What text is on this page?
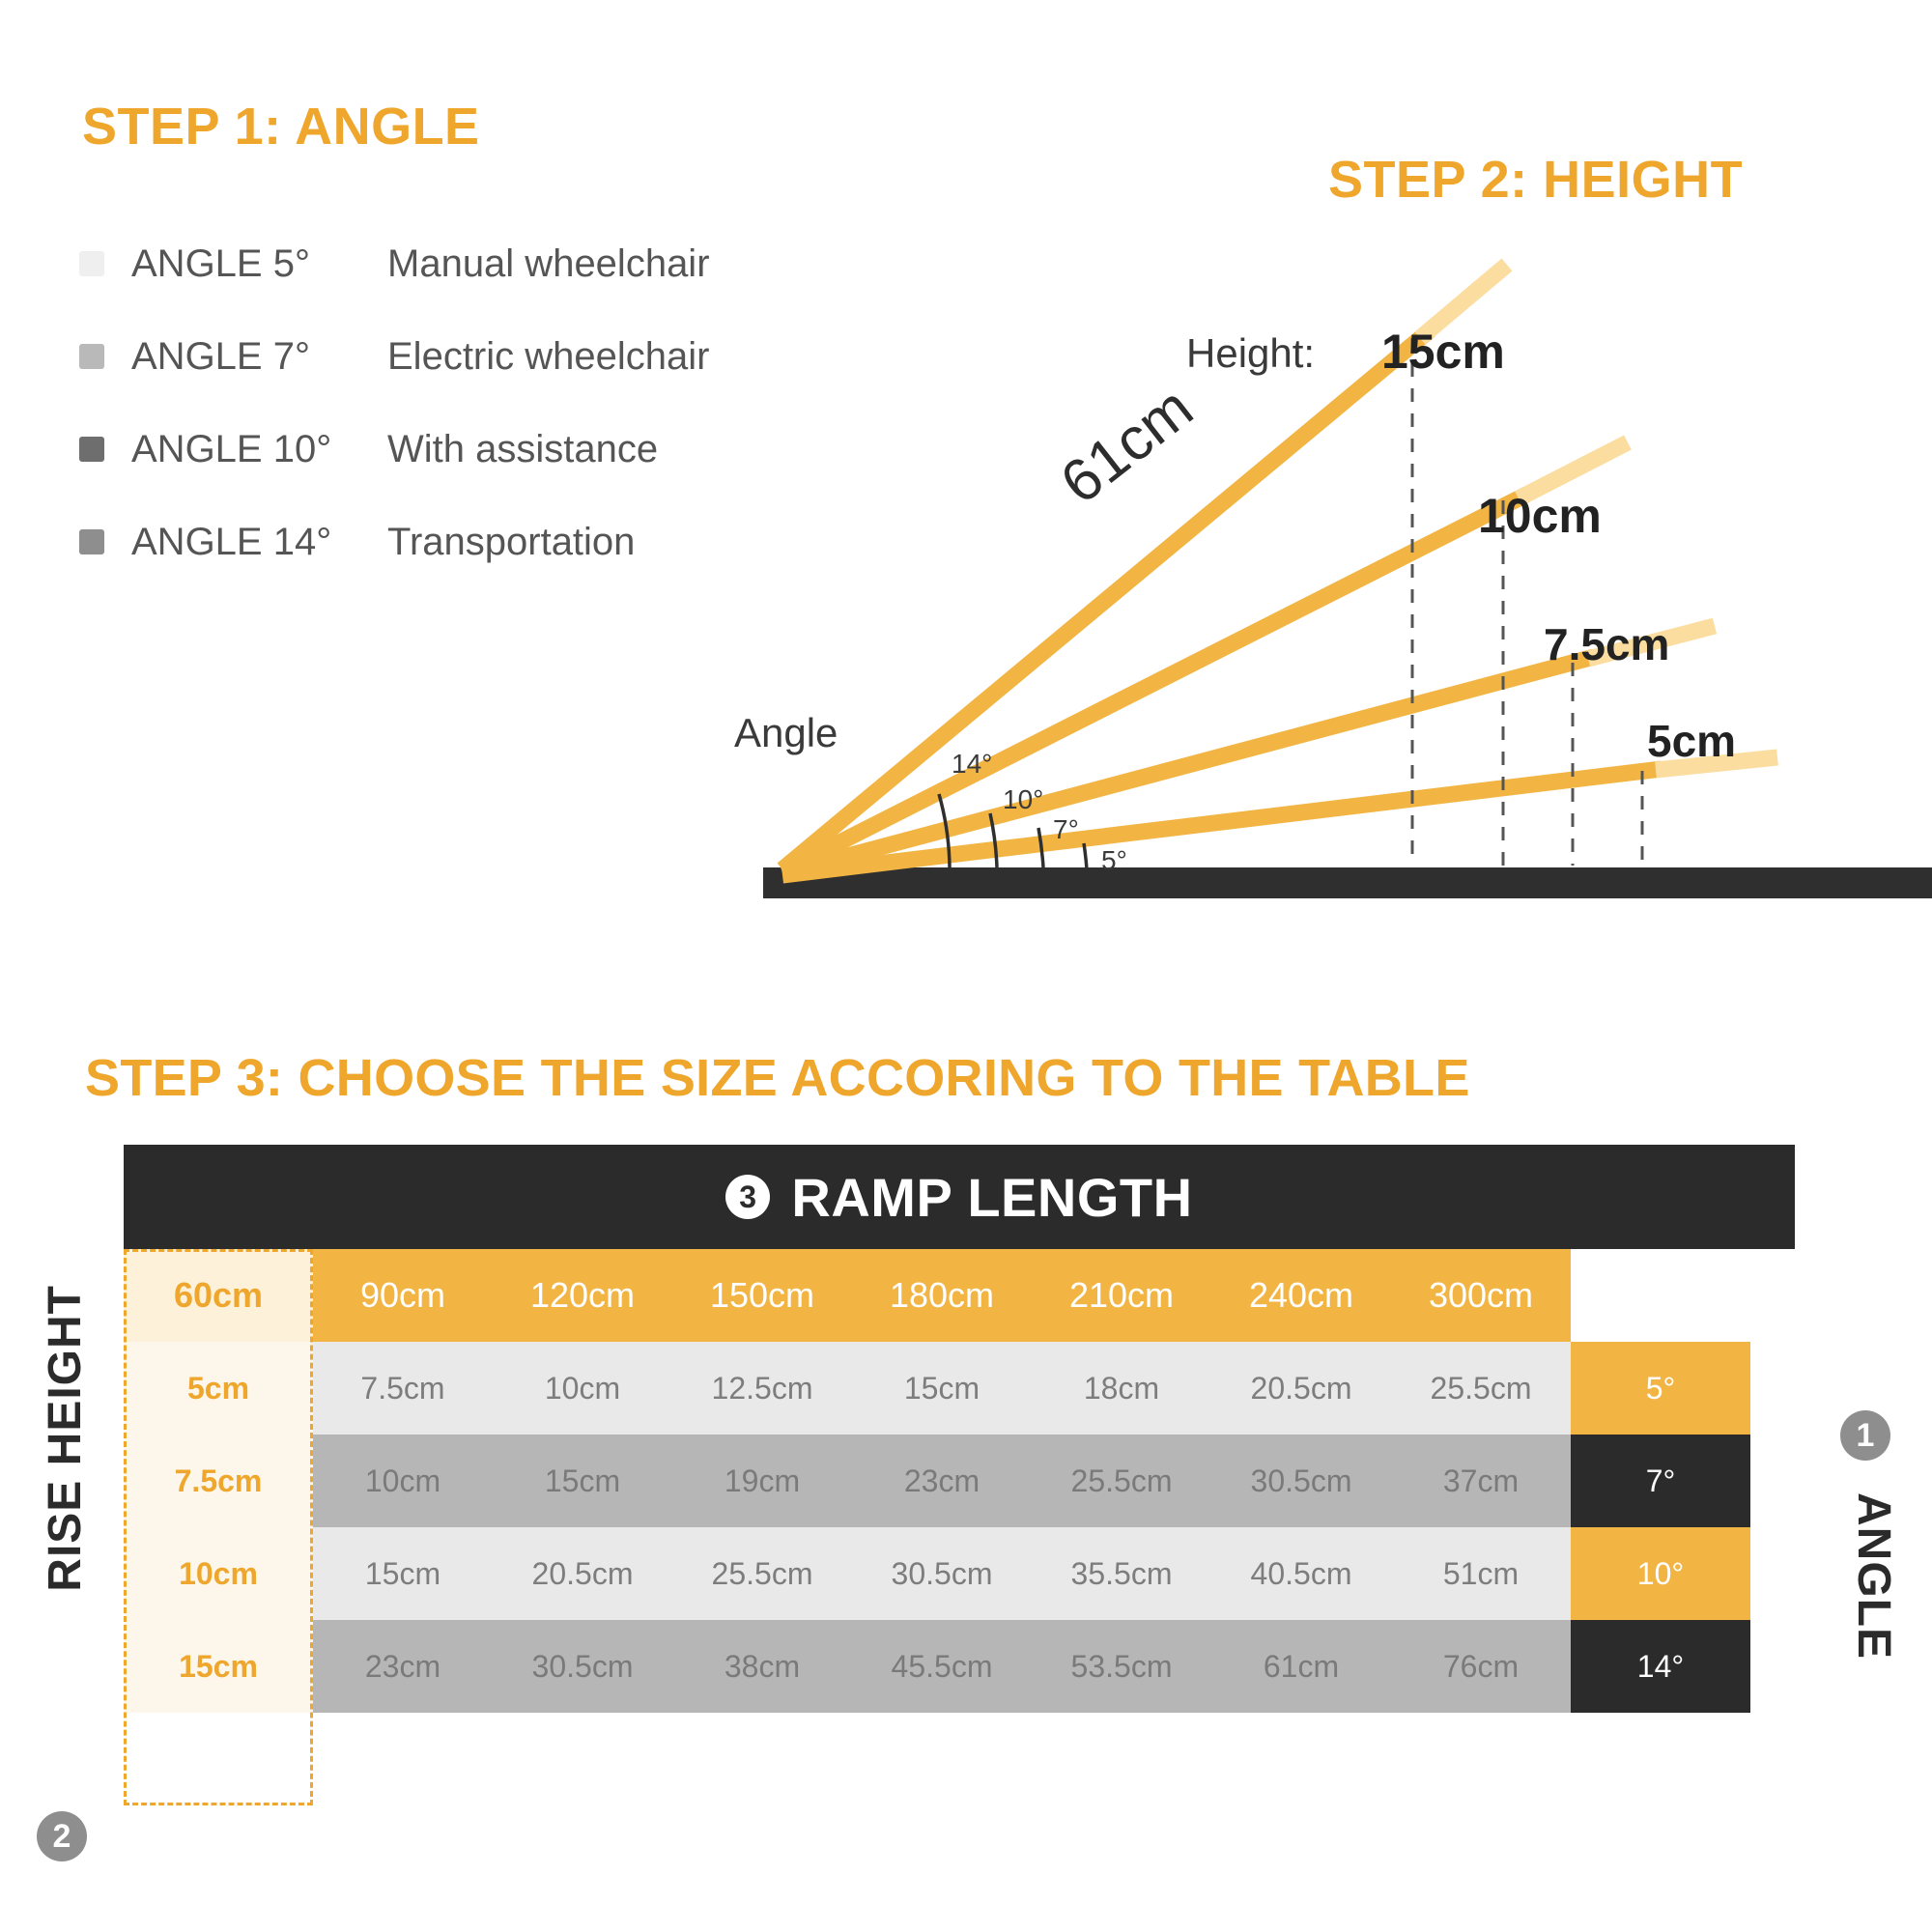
STEP 1: ANGLE
ANGLE 5°	Manual wheelchair
ANGLE 7°	Electric wheelchair
ANGLE 10°	With assistance
ANGLE 14°	Transportation
STEP 2: HEIGHT
61cm
Height: 15cm
10cm
7.5cm
5cm
Angle
14°
10°
7°
5°
STEP 3: CHOOSE THE SIZE ACCORING TO THE TABLE
3 RAMP LENGTH
60cm	90cm	120cm	150cm	180cm	210cm	240cm	300cm	
5cm	7.5cm	10cm	12.5cm	15cm	18cm	20.5cm	25.5cm	5°
7.5cm	10cm	15cm	19cm	23cm	25.5cm	30.5cm	37cm	7°
10cm	15cm	20.5cm	25.5cm	30.5cm	35.5cm	40.5cm	51cm	10°
15cm	23cm	30.5cm	38cm	45.5cm	53.5cm	61cm	76cm	14°
RISE HEIGHT
2
1
ANGLE
